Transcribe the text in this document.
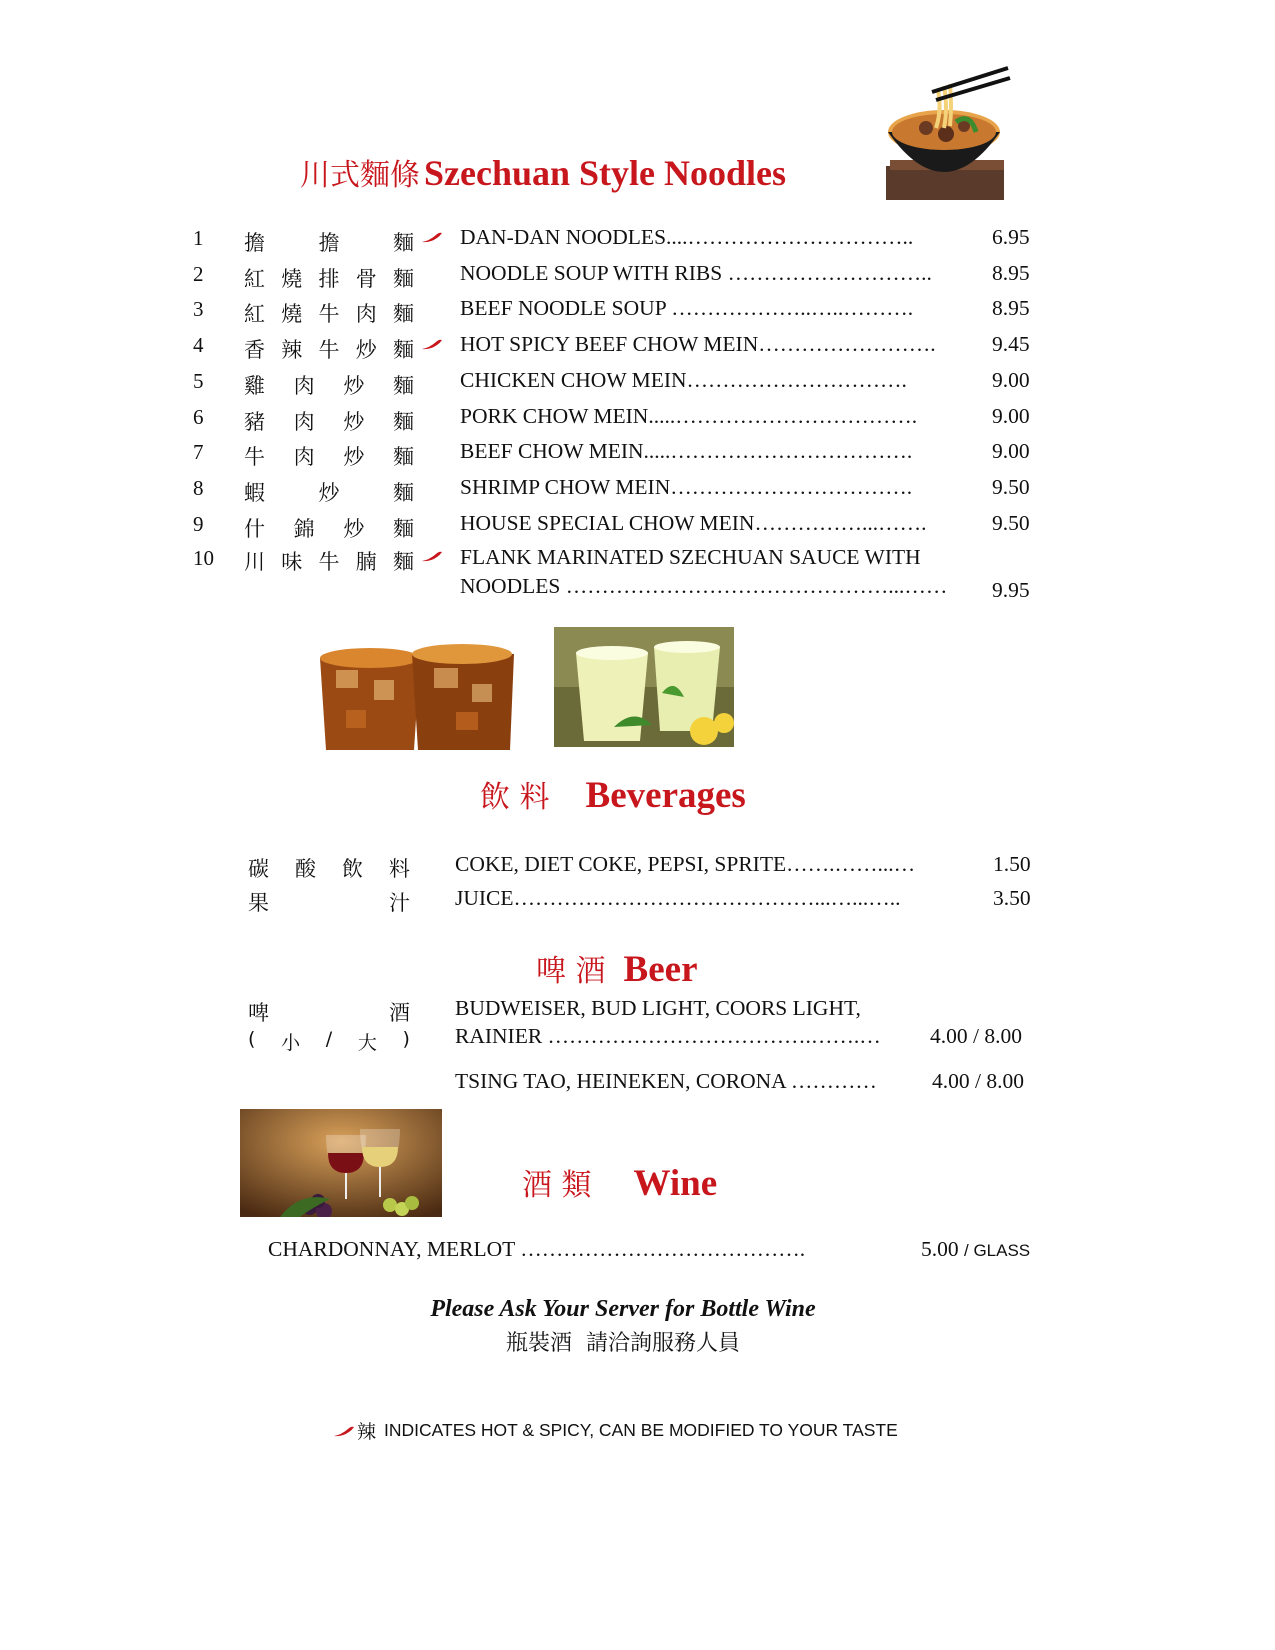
川式麵條 Szechuan Style Noodles
1 擔	擔	麵 DAN-DAN NOODLES....…………………………..	6.95
2 紅 燒 排 骨 麵 NOODLE SOUP WITH RIBS ………………………..	8.95
3 紅 燒 牛 肉 麵 BEEF NOODLE SOUP ………………..…..……….	8.95
4 香 辣 牛 炒 麵 HOT SPICY BEEF CHOW MEIN…………………….	9.45
5 雞 肉 炒 麵 CHICKEN CHOW MEIN………………………….	9.00
6 豬 肉 炒 麵 PORK CHOW MEIN.....…………………………….	9.00
7 牛 肉 炒 麵 BEEF CHOW MEIN.....…………………………….	9.00
8 蝦	炒	麵 SHRIMP CHOW MEIN…………………………….	9.50
9 什 錦 炒 麵 HOUSE SPECIAL CHOW MEIN……………...…….	9.50
10 川 味 牛 腩 麵 FLANK MARINATED SZECHUAN SAUCE WITH
NOODLES ………………………………………...…… 9.95
飲 料 Beverages
碳 酸 飲 料 COKE, DIET COKE, PEPSI, SPRITE…….……...…	1.50
果	汁 JUICE……………………………………...…...…..	3.50
啤 酒 Beer
啤	酒
( 小 / 大 )
BUDWEISER, BUD LIGHT, COORS LIGHT,
RAINIER ……………………………….…….… 4.00 / 8.00
TSING TAO, HEINEKEN, CORONA …………	4.00 / 8.00
酒 類 Wine
CHARDONNAY, MERLOT ………………………………….	5.00 / GLASS
Please Ask Your Server for Bottle Wine
瓶裝酒  請洽詢服務人員
辣 INDICATES HOT & SPICY, CAN BE MODIFIED TO YOUR TASTE
